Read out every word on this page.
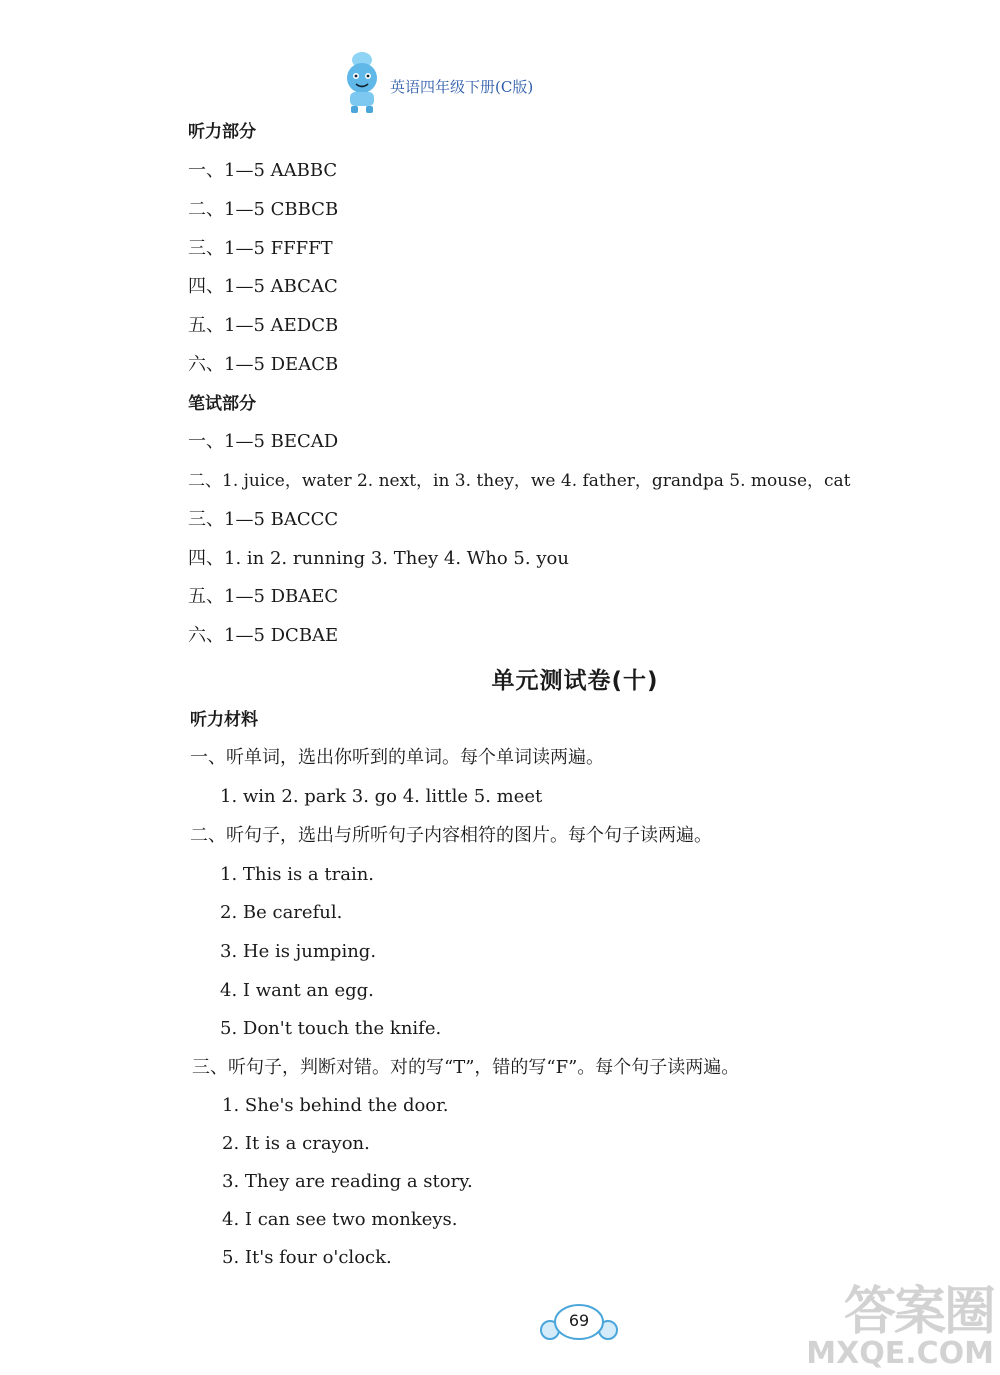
英语四年级下册(C版)
听力部分
一、1—5 AABBC
二、1—5 CBBCB
三、1—5 FFFFT
四、1—5 ABCAC
五、1—5 AEDCB
六、1—5 DEACB
笔试部分
一、1—5 BECAD
二、1. juice，water 2. next，in 3. they，we 4. father，grandpa 5. mouse，cat
三、1—5 BACCC
四、1. in 2. running 3. They 4. Who 5. you
五、1—5 DBAEC
六、1—5 DCBAE
单元测试卷(十)
听力材料
一、听单词，选出你听到的单词。每个单词读两遍。
1. win 2. park 3. go 4. little 5. meet
二、听句子，选出与所听句子内容相符的图片。每个句子读两遍。
1. This is a train.
2. Be careful.
3. He is jumping.
4. I want an egg.
5. Don't touch the knife.
三、听句子，判断对错。对的写“T”，错的写“F”。每个句子读两遍。
1. She's behind the door.
2. It is a crayon.
3. They are reading a story.
4. I can see two monkeys.
5. It's four o'clock.
69	答案圈
MXQE.COM
